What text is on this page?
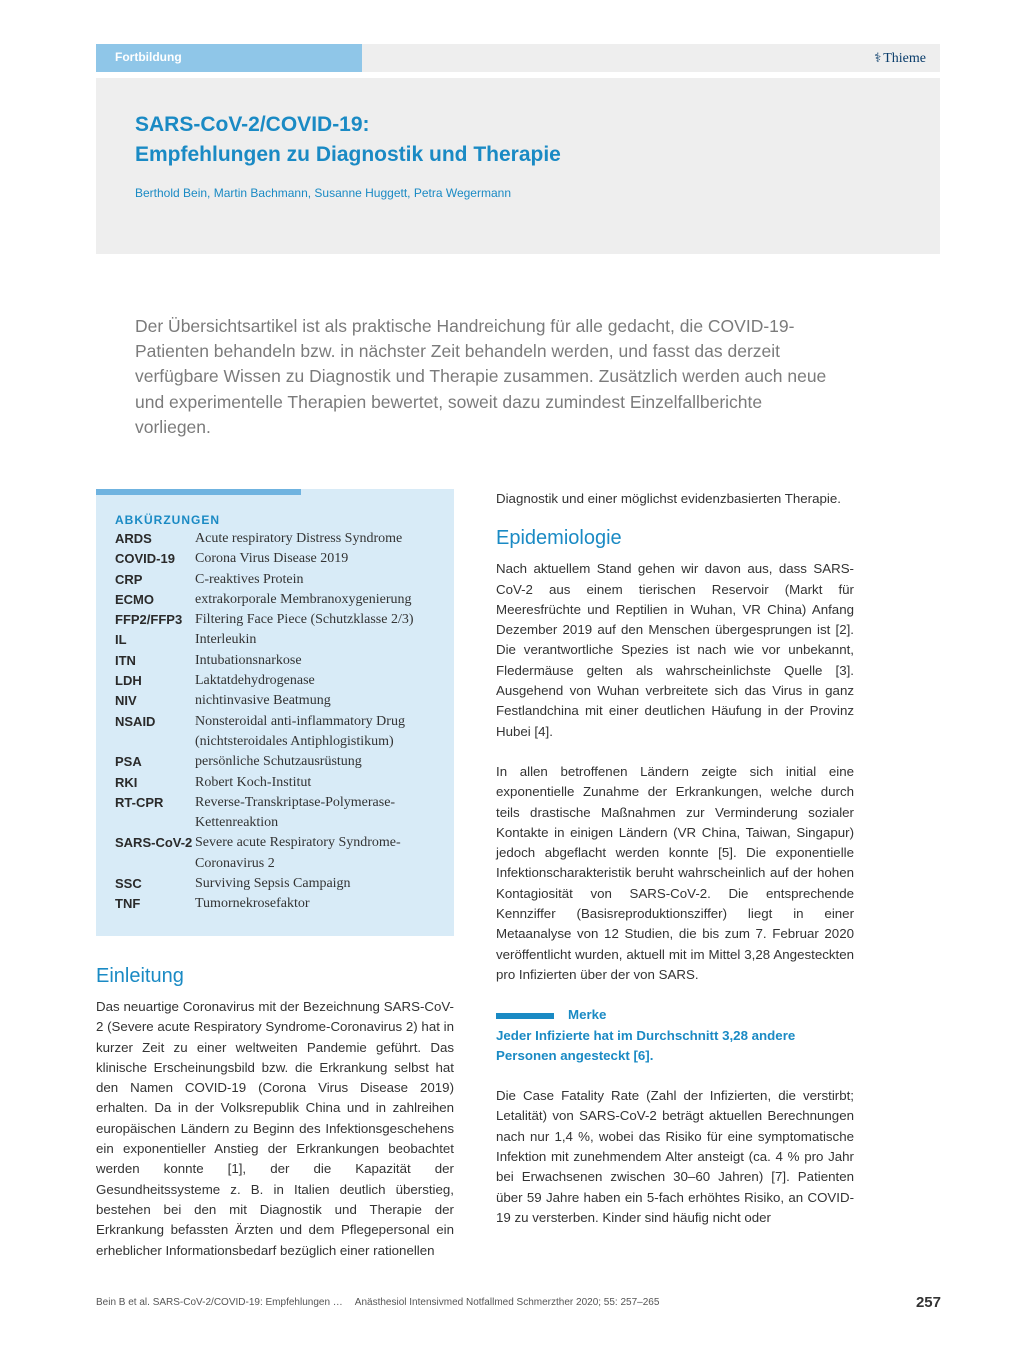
Fortbildung	⚕ Thieme
SARS-CoV-2/COVID-19:
Empfehlungen zu Diagnostik und Therapie
Berthold Bein, Martin Bachmann, Susanne Huggett, Petra Wegermann
Der Übersichtsartikel ist als praktische Handreichung für alle gedacht, die COVID-19-Patienten behandeln bzw. in nächster Zeit behandeln werden, und fasst das derzeit verfügbare Wissen zu Diagnostik und Therapie zusammen. Zusätzlich werden auch neue und experimentelle Therapien bewertet, soweit dazu zumindest Einzelfallberichte vorliegen.
ABKÜRZUNGEN
ARDS	Acute respiratory Distress Syndrome
COVID-19	Corona Virus Disease 2019
CRP	C-reaktives Protein
ECMO	extrakorporale Membranoxygenierung
FFP2/FFP3 Filtering Face Piece (Schutzklasse 2/3)
IL	Interleukin
ITN	Intubationsnarkose
LDH	Laktatdehydrogenase
NIV	nichtinvasive Beatmung
NSAID	Nonsteroidal anti-inflammatory Drug (nichtsteroidales Antiphlogistikum)
PSA	persönliche Schutzausrüstung
RKI	Robert Koch-Institut
RT-CPR	Reverse-Transkriptase-Polymerase-Kettenreaktion
SARS-CoV-2 Severe acute Respiratory Syndrome-Coronavirus 2
SSC	Surviving Sepsis Campaign
TNF	Tumornekrosefaktor
Einleitung

Das neuartige Coronavirus mit der Bezeichnung SARS-CoV-2 (Severe acute Respiratory Syndrome-Coronavirus 2) hat in kurzer Zeit zu einer weltweiten Pandemie geführt. Das klinische Erscheinungsbild bzw. die Erkrankung selbst hat den Namen COVID-19 (Corona Virus Disease 2019) erhalten. Da in der Volksrepublik China und in zahlreihen europäischen Ländern zu Beginn des Infektionsgeschehens ein exponentieller Anstieg der Erkrankungen beobachtet werden konnte [1], der die Kapazität der Gesundheitssysteme z. B. in Italien deutlich überstieg, bestehen bei den mit Diagnostik und Therapie der Erkrankung befassten Ärzten und dem Pflegepersonal ein erheblicher Informationsbedarf bezüglich einer rationellen

Diagnostik und einer möglichst evidenzbasierten Therapie.

Epidemiologie

Nach aktuellem Stand gehen wir davon aus, dass SARS-CoV-2 aus einem tierischen Reservoir (Markt für Meeresfrüchte und Reptilien in Wuhan, VR China) Anfang Dezember 2019 auf den Menschen übergesprungen ist [2]. Die verantwortliche Spezies ist nach wie vor unbekannt, Fledermäuse gelten als wahrscheinlichste Quelle [3]. Ausgehend von Wuhan verbreitete sich das Virus in ganz Festlandchina mit einer deutlichen Häufung in der Provinz Hubei [4].

In allen betroffenen Ländern zeigte sich initial eine exponentielle Zunahme der Erkrankungen, welche durch teils drastische Maßnahmen zur Verminderung sozialer Kontakte in einigen Ländern (VR China, Taiwan, Singapur) jedoch abgeflacht werden konnte [5]. Die exponentielle Infektionscharakteristik beruht wahrscheinlich auf der hohen Kontagiosität von SARS-CoV-2. Die entsprechende Kennziffer (Basisreproduktionsziffer) liegt in einer Metaanalyse von 12 Studien, die bis zum 7. Februar 2020 veröffentlicht wurden, aktuell mit im Mittel 3,28 Angesteckten pro Infizierten über der von SARS.

Merke

Jeder Infizierte hat im Durchschnitt 3,28 andere Personen angesteckt [6].

Die Case Fatality Rate (Zahl der Infizierten, die verstirbt; Letalität) von SARS-CoV-2 beträgt aktuellen Berechnungen nach nur 1,4 %, wobei das Risiko für eine symptomatische Infektion mit zunehmendem Alter ansteigt (ca. 4 % pro Jahr bei Erwachsenen zwischen 30–60 Jahren) [7]. Patienten über 59 Jahre haben ein 5-fach erhöhtes Risiko, an COVID-19 zu versterben. Kinder sind häufig nicht oder

Bein B et al. SARS-CoV-2/COVID-19: Empfehlungen … Anästhesiol Intensivmed Notfallmed Schmerzther 2020; 55: 257–265	257
